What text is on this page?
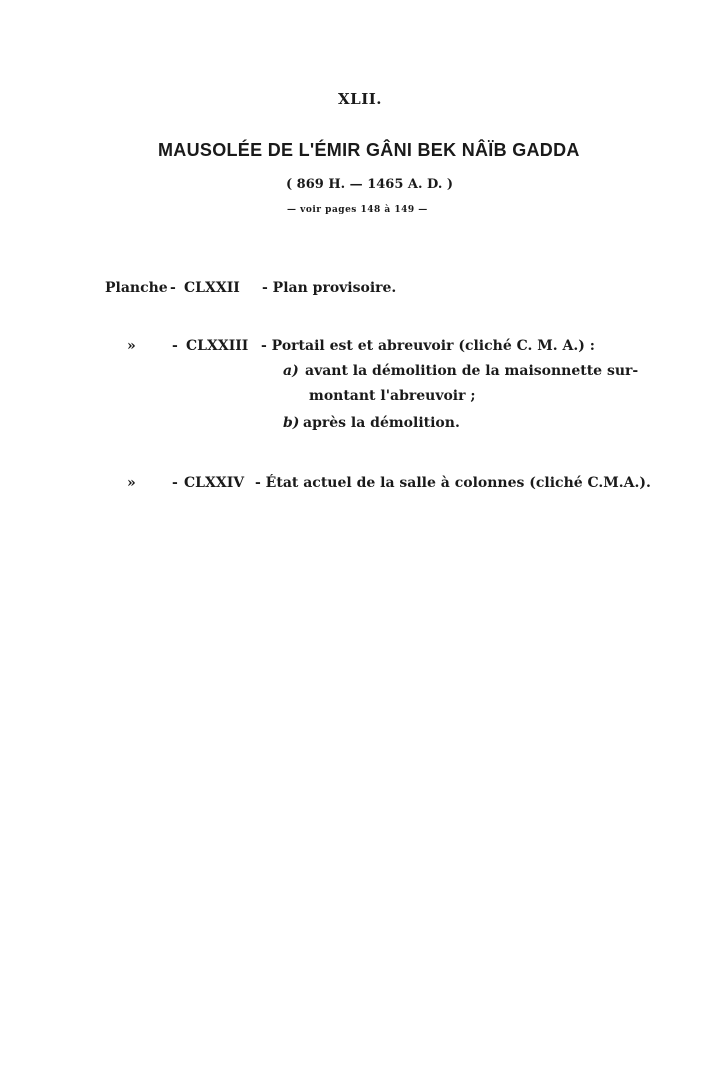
XLII.
MAUSOLÉE DE L'ÉMIR GÂNI BEK NÂÏB GADDA
( 869 H. — 1465 A. D. )
— voir pages 148 à 149 —
Planche - CLXXII - Plan provisoire.
»	- CLXXIII - Portail est et abreuvoir (cliché C. M. A.) :
a) avant la démolition de la maisonnette sur-
montant l'abreuvoir ;
b) après la démolition.
»	- CLXXIV - État actuel de la salle à colonnes (cliché C.M.A.).
